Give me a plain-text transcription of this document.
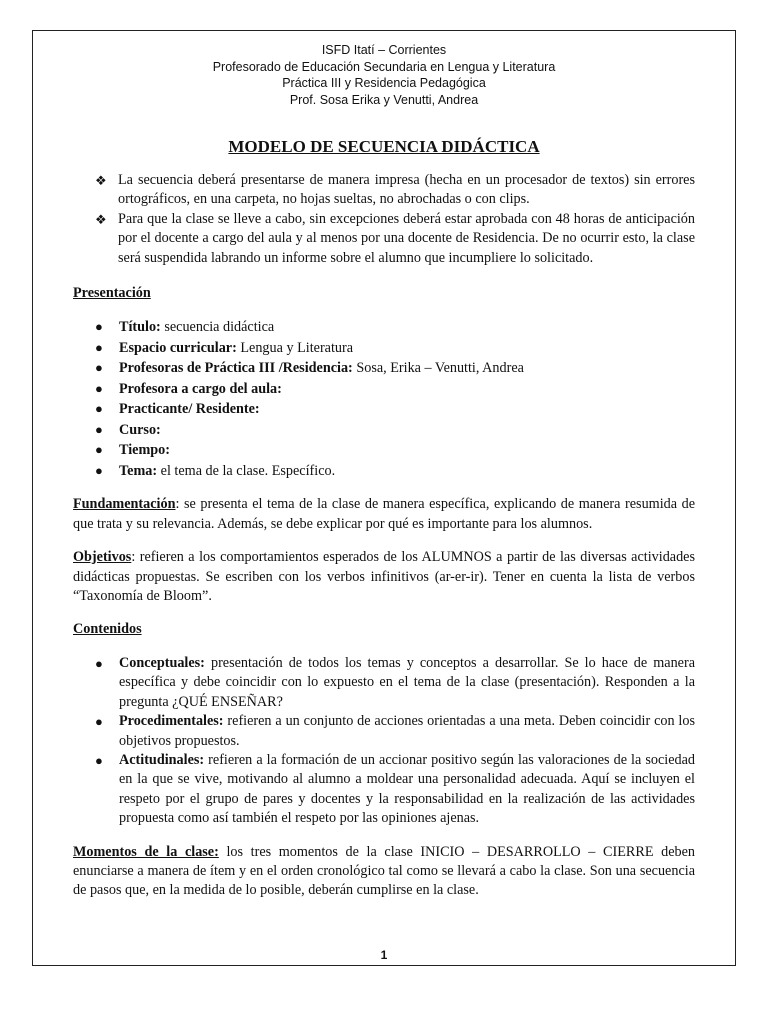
ISFD Itatí – Corrientes
Profesorado de Educación Secundaria en Lengua y Literatura
Práctica III y Residencia Pedagógica
Prof. Sosa Erika y Venutti, Andrea
MODELO DE SECUENCIA DIDÁCTICA
❖ La secuencia deberá presentarse de manera impresa (hecha en un procesador de textos) sin errores ortográficos, en una carpeta, no hojas sueltas, no abrochadas o con clips.
❖ Para que la clase se lleve a cabo, sin excepciones deberá estar aprobada con 48 horas de anticipación por el docente a cargo del aula y al menos por una docente de Residencia. De no ocurrir esto, la clase será suspendida labrando un informe sobre el alumno que incumpliere lo solicitado.

Presentación

● Título: secuencia didáctica
● Espacio curricular: Lengua y Literatura
● Profesoras de Práctica III /Residencia: Sosa, Erika – Venutti, Andrea
● Profesora a cargo del aula:
● Practicante/ Residente:
● Curso:
● Tiempo:
● Tema: el tema de la clase. Específico.

Fundamentación: se presenta el tema de la clase de manera específica, explicando de manera resumida de que trata y su relevancia. Además, se debe explicar por qué es importante para los alumnos.

Objetivos: refieren a los comportamientos esperados de los ALUMNOS a partir de las diversas actividades didácticas propuestas. Se escriben con los verbos infinitivos (ar-er-ir). Tener en cuenta la lista de verbos “Taxonomía de Bloom”.

Contenidos

● Conceptuales: presentación de todos los temas y conceptos a desarrollar. Se lo hace de manera específica y debe coincidir con lo expuesto en el tema de la clase (presentación). Responden a la pregunta ¿QUÉ ENSEÑAR?
● Procedimentales: refieren a un conjunto de acciones orientadas a una meta. Deben coincidir con los objetivos propuestos.
● Actitudinales: refieren a la formación de un accionar positivo según las valoraciones de la sociedad en la que se vive, motivando al alumno a moldear una personalidad adecuada. Aquí se incluyen el respeto por el grupo de pares y docentes y la responsabilidad en la realización de las actividades propuesta como así también el respeto por las opiniones ajenas.

Momentos de la clase: los tres momentos de la clase INICIO – DESARROLLO – CIERRE deben enunciarse a manera de ítem y en el orden cronológico tal como se llevará a cabo la clase. Son una secuencia de pasos que, en la medida de lo posible, deberán cumplirse en la clase.

1
